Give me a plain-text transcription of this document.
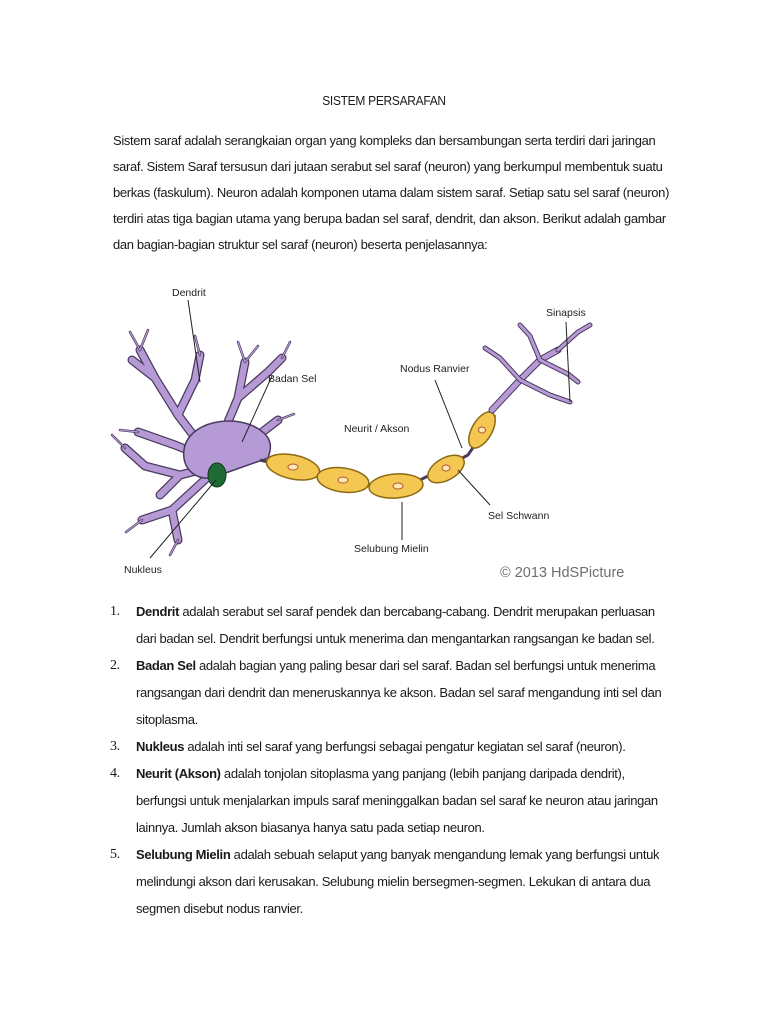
SISTEM PERSARAFAN

Sistem saraf adalah serangkaian organ yang kompleks dan bersambungan serta terdiri dari jaringan

saraf. Sistem Saraf tersusun dari jutaan serabut sel saraf (neuron) yang berkumpul membentuk suatu

berkas (faskulum). Neuron adalah komponen utama dalam sistem saraf. Setiap satu sel saraf (neuron)

terdiri atas tiga bagian utama yang berupa badan sel saraf, dendrit, dan akson. Berikut adalah gambar

dan bagian-bagian struktur sel saraf (neuron) beserta penjelasannya:

Dendrit
Badan Sel
Nukleus
Neurit / Akson
Selubung Mielin
Nodus Ranvier
Sel Schwann
Sinapsis
© 2013 HdSPicture
1. Dendrit adalah serabut sel saraf pendek dan bercabang-cabang. Dendrit merupakan perluasan
dari badan sel. Dendrit berfungsi untuk menerima dan mengantarkan rangsangan ke badan sel.
2. Badan Sel adalah bagian yang paling besar dari sel saraf. Badan sel berfungsi untuk menerima
rangsangan dari dendrit dan meneruskannya ke akson. Badan sel saraf mengandung inti sel dan
sitoplasma.
3. Nukleus adalah inti sel saraf yang berfungsi sebagai pengatur kegiatan sel saraf (neuron).
4. Neurit (Akson) adalah tonjolan sitoplasma yang panjang (lebih panjang daripada dendrit),
berfungsi untuk menjalarkan impuls saraf meninggalkan badan sel saraf ke neuron atau jaringan
lainnya. Jumlah akson biasanya hanya satu pada setiap neuron.
5. Selubung Mielin adalah sebuah selaput yang banyak mengandung lemak yang berfungsi untuk
melindungi akson dari kerusakan. Selubung mielin bersegmen-segmen. Lekukan di antara dua
segmen disebut nodus ranvier.
